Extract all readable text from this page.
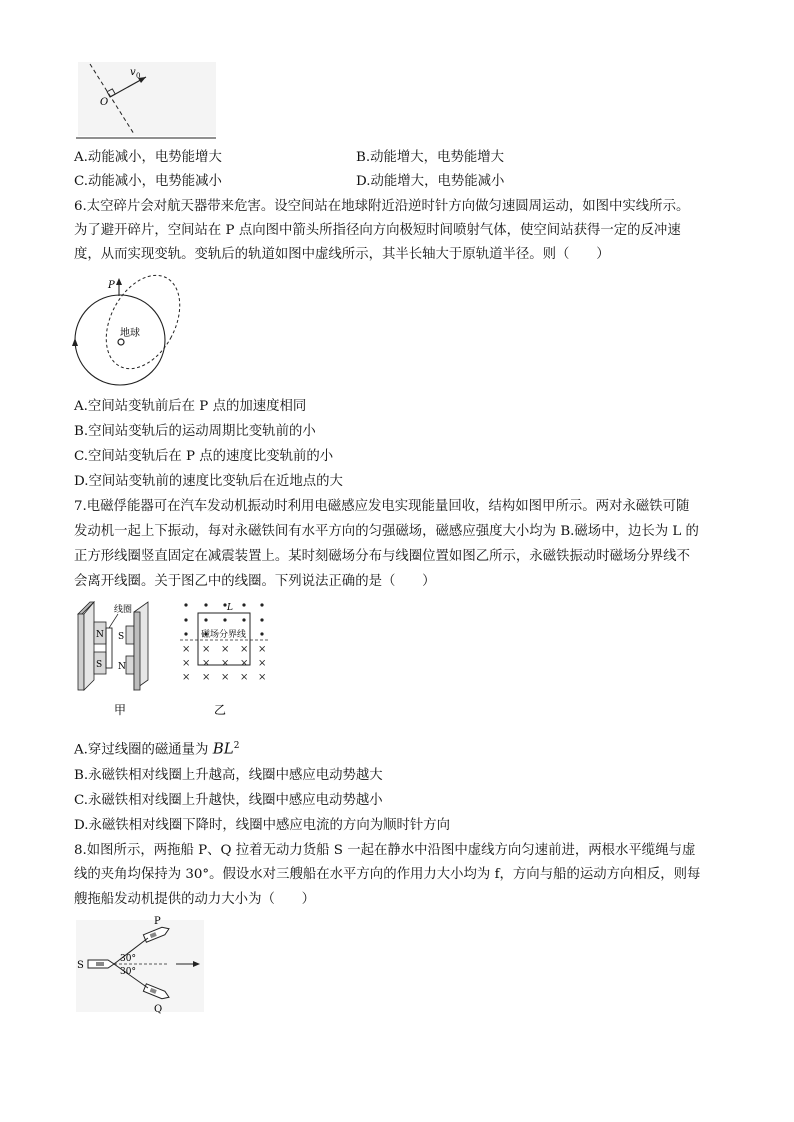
v 0
O
A.动能减小，电势能增大	B.动能增大，电势能增大
C.动能减小，电势能减小	D.动能增大，电势能减小
6.太空碎片会对航天器带来危害。设空间站在地球附近沿逆时针方向做匀速圆周运动，如图中实线所示。
为了避开碎片，空间站在 P 点向图中箭头所指径向方向极短时间喷射气体，使空间站获得一定的反冲速
度，从而实现变轨。变轨后的轨道如图中虚线所示，其半长轴大于原轨道半径。则（　　）
地球
P
A.空间站变轨前后在 P 点的加速度相同
B.空间站变轨后的运动周期比变轨前的小
C.空间站变轨后在 P 点的速度比变轨前的小
D.空间站变轨前的速度比变轨后在近地点的大
7.电磁俘能器可在汽车发动机振动时利用电磁感应发电实现能量回收，结构如图甲所示。两对永磁铁可随
发动机一起上下振动，每对永磁铁间有水平方向的匀强磁场，磁感应强度大小均为 B.磁场中，边长为 L 的
正方形线圈竖直固定在减震装置上。某时刻磁场分布与线圈位置如图乙所示，永磁铁振动时磁场分界线不
会离开线圈。关于图乙中的线圈。下列说法正确的是（　　）
N
S
线圈
S
N
甲
L
磁场分界线
× × × × ×
× × × × ×
× × × × ×
乙
A.穿过线圈的磁通量为 $BL^2$
B.永磁铁相对线圈上升越高，线圈中感应电动势越大
C.永磁铁相对线圈上升越快，线圈中感应电动势越小
D.永磁铁相对线圈下降时，线圈中感应电流的方向为顺时针方向
8.如图所示，两拖船 P、Q 拉着无动力货船 S 一起在静水中沿图中虚线方向匀速前进，两根水平缆绳与虚
线的夹角均保持为 30°。假设水对三艘船在水平方向的作用力大小均为 f，方向与船的运动方向相反，则每
艘拖船发动机提供的动力大小为（　　）
P
Q
S
30°
30°
